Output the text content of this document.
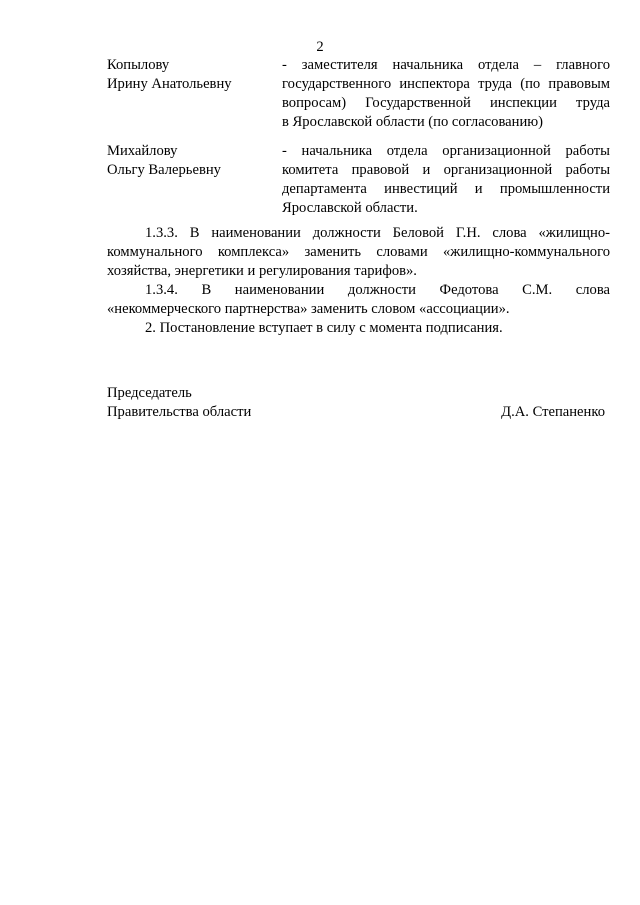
2
Копылову
Ирину Анатольевну
- заместителя начальника отдела – главного
государственного инспектора труда (по правовым
вопросам) Государственной инспекции труда
в Ярославской области (по согласованию)
Михайлову
Ольгу Валерьевну
- начальника отдела организационной работы
комитета правовой и организационной работы
департамента инвестиций и промышленности
Ярославской области.
1.3.3. В наименовании должности Беловой Г.Н. слова «жилищно-
коммунального комплекса» заменить словами «жилищно-коммунального
хозяйства, энергетики и регулирования тарифов».
1.3.4. В наименовании должности Федотова С.М. слова
«некоммерческого партнерства» заменить словом «ассоциации».
2. Постановление вступает в силу с момента подписания.
Председатель
Правительства области	Д.А. Степаненко
